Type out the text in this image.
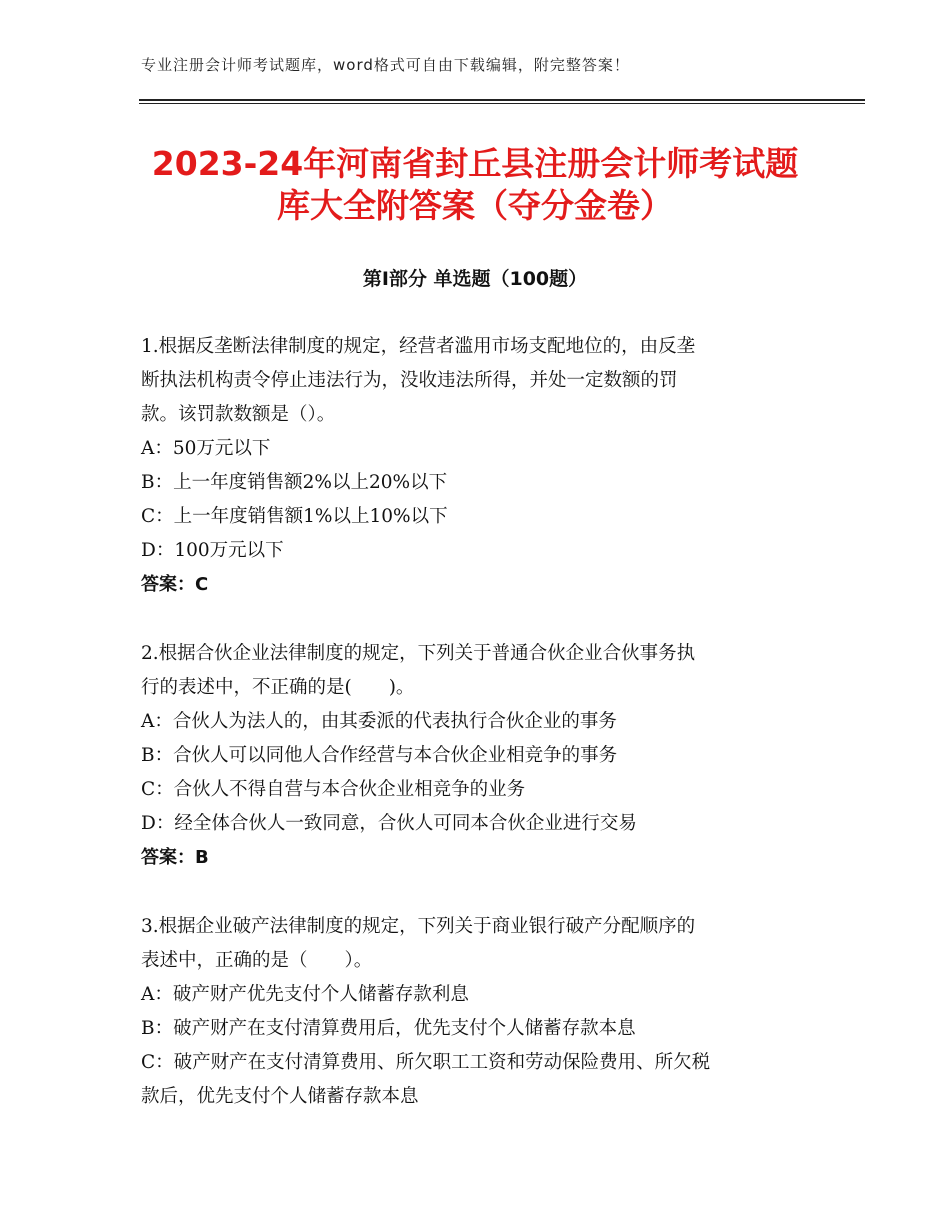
专业注册会计师考试题库，word格式可自由下载编辑，附完整答案！
2023-24年河南省封丘县注册会计师考试题
库大全附答案（夺分金卷）
第Ⅰ部分 单选题（100题）
1.根据反垄断法律制度的规定，经营者滥用市场支配地位的，由反垄
断执法机构责令停止违法行为，没收违法所得，并处一定数额的罚
款。该罚款数额是（）。
A：50万元以下
B：上一年度销售额2%以上20%以下
C：上一年度销售额1%以上10%以下
D：100万元以下
答案：C
2.根据合伙企业法律制度的规定，下列关于普通合伙企业合伙事务执
行的表述中，不正确的是(　　)。
A：合伙人为法人的，由其委派的代表执行合伙企业的事务
B：合伙人可以同他人合作经营与本合伙企业相竞争的事务
C：合伙人不得自营与本合伙企业相竞争的业务
D：经全体合伙人一致同意，合伙人可同本合伙企业进行交易
答案：B
3.根据企业破产法律制度的规定，下列关于商业银行破产分配顺序的
表述中，正确的是（　　）。
A：破产财产优先支付个人储蓄存款利息
B：破产财产在支付清算费用后，优先支付个人储蓄存款本息
C：破产财产在支付清算费用、所欠职工工资和劳动保险费用、所欠税
款后，优先支付个人储蓄存款本息
